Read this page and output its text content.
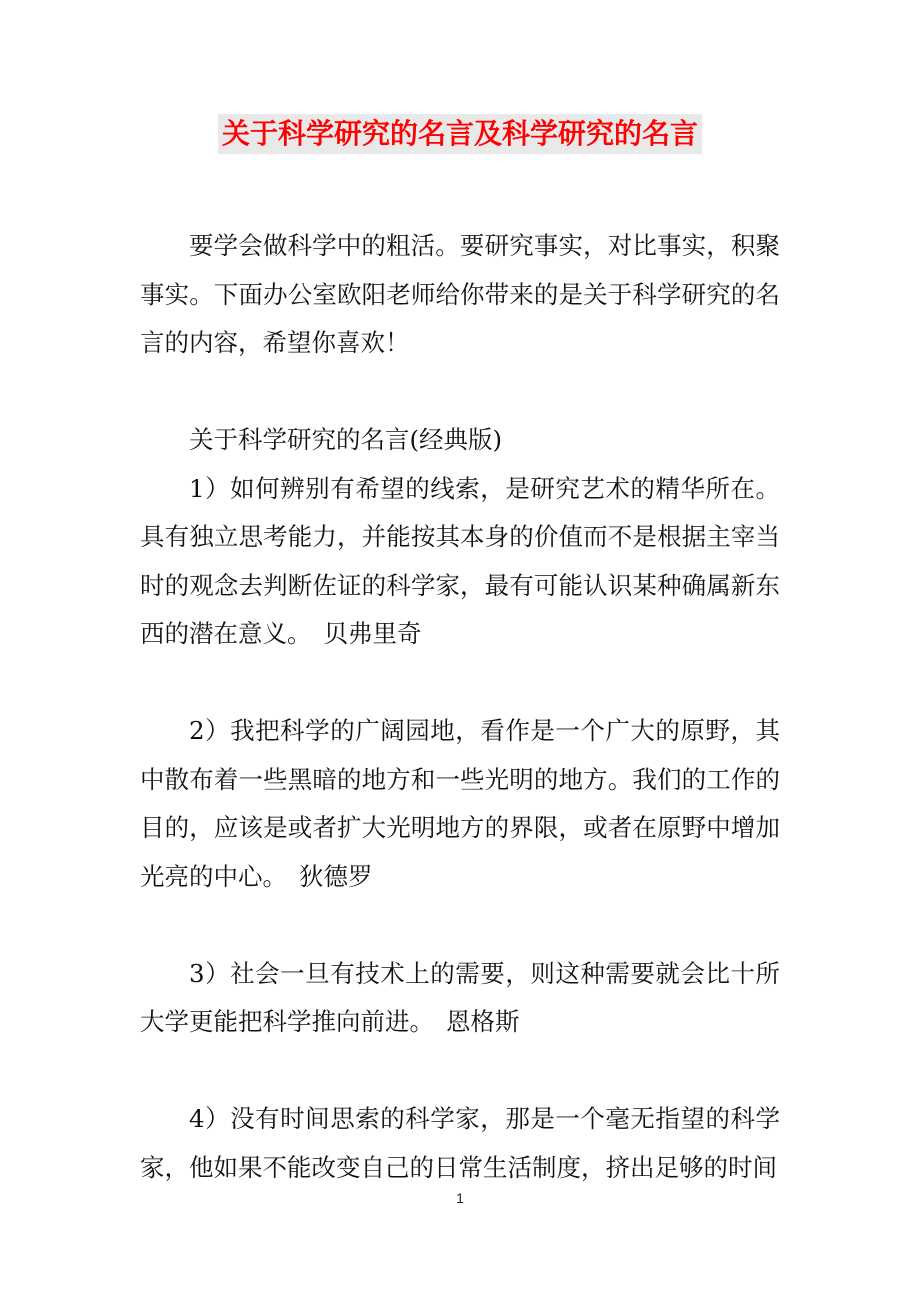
关于科学研究的名言及科学研究的名言

要学会做科学中的粗活。要研究事实，对比事实，积聚事实。下面办公室欧阳老师给你带来的是关于科学研究的名言的内容，希望你喜欢！

关于科学研究的名言(经典版)

1）如何辨别有希望的线索，是研究艺术的精华所在。具有独立思考能力，并能按其本身的价值而不是根据主宰当时的观念去判断佐证的科学家，最有可能认识某种确属新东西的潜在意义。 贝弗里奇

2）我把科学的广阔园地，看作是一个广大的原野，其中散布着一些黑暗的地方和一些光明的地方。我们的工作的目的，应该是或者扩大光明地方的界限，或者在原野中增加光亮的中心。 狄德罗

3）社会一旦有技术上的需要，则这种需要就会比十所大学更能把科学推向前进。 恩格斯

4）没有时间思索的科学家，那是一个毫无指望的科学家，他如果不能改变自己的日常生活制度，挤出足够的时间

1
